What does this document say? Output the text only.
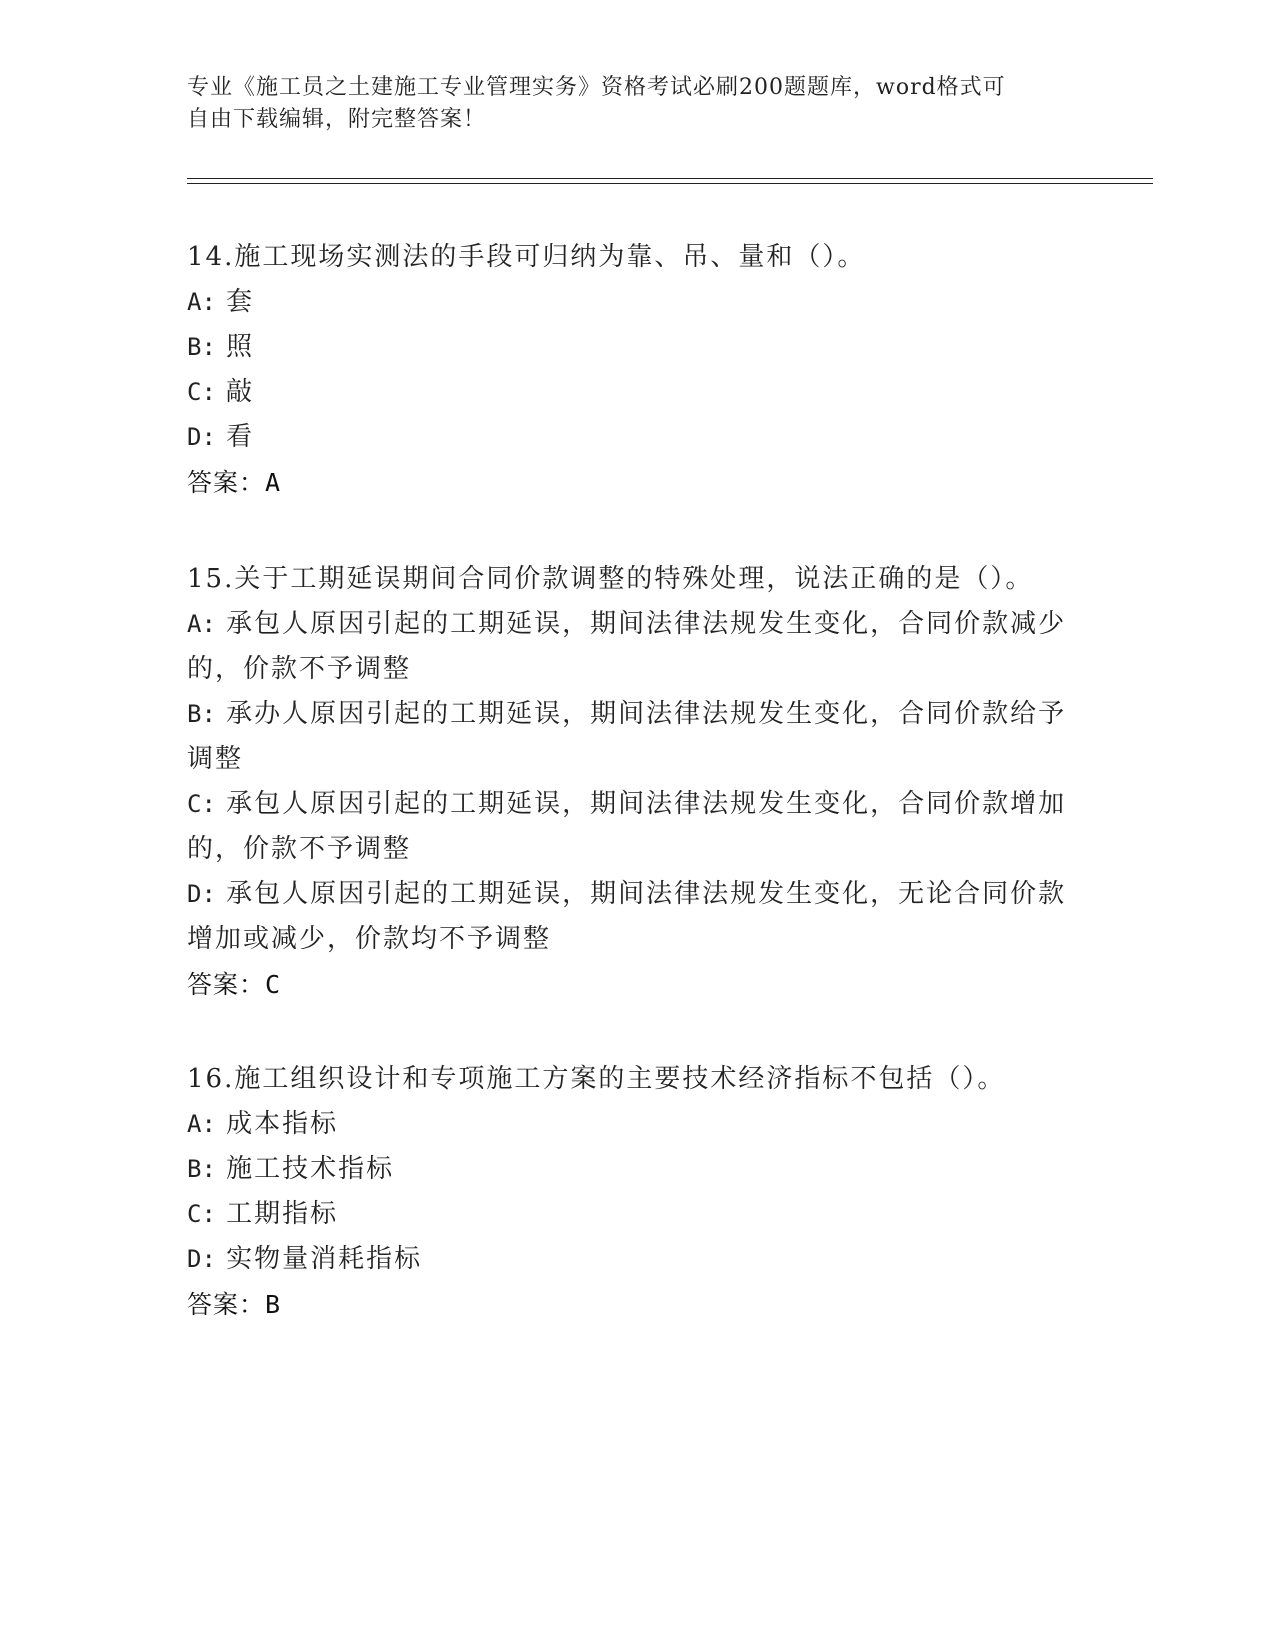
专业《施工员之土建施工专业管理实务》资格考试必刷200题题库，word格式可
自由下载编辑，附完整答案！
14.施工现场实测法的手段可归纳为靠、吊、量和（）。
A: 套
B: 照
C: 敲
D: 看
答案：A
15.关于工期延误期间合同价款调整的特殊处理，说法正确的是（）。
A: 承包人原因引起的工期延误，期间法律法规发生变化，合同价款减少的，价款不予调整
B: 承办人原因引起的工期延误，期间法律法规发生变化，合同价款给予调整
C: 承包人原因引起的工期延误，期间法律法规发生变化，合同价款增加的，价款不予调整
D: 承包人原因引起的工期延误，期间法律法规发生变化，无论合同价款增加或减少，价款均不予调整
答案：C
16.施工组织设计和专项施工方案的主要技术经济指标不包括（）。
A: 成本指标
B: 施工技术指标
C: 工期指标
D: 实物量消耗指标
答案：B
